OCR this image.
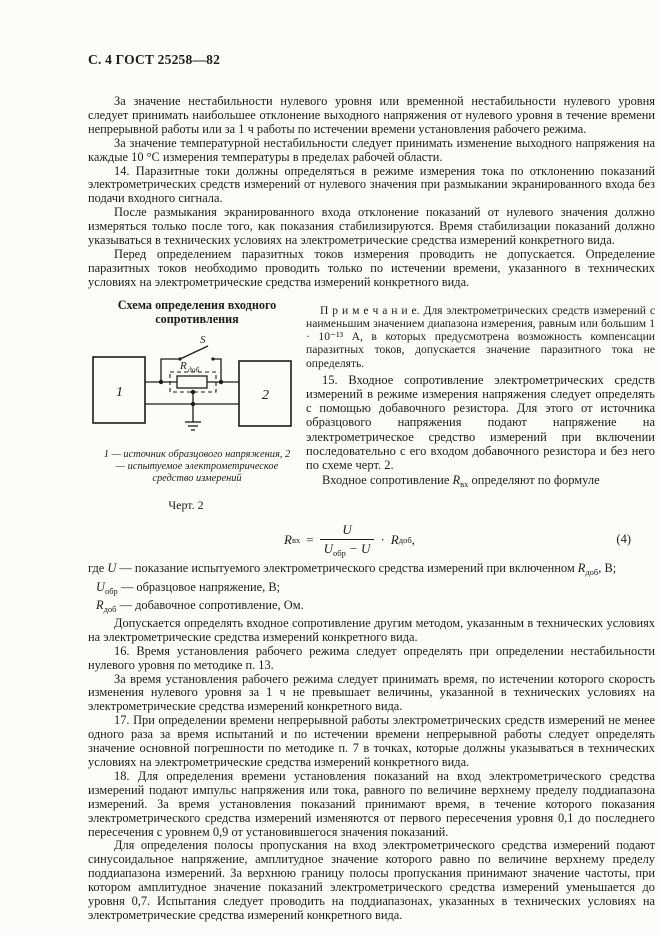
С. 4 ГОСТ 25258—82

За значение нестабильности нулевого уровня или временной нестабильности нулевого уровня следует принимать наибольшее отклонение выходного напряжения от нулевого уровня в течение времени непрерывной работы или за 1 ч работы по истечении времени установления рабочего режима.

За значение температурной нестабильности следует принимать изменение выходного напряжения на каждые 10 °С измерения температуры в пределах рабочей области.

14. Паразитные токи должны определяться в режиме измерения тока по отклонению показаний электрометрических средств измерений от нулевого значения при размыкании экранированного входа без подачи входного сигнала.

После размыкания экранированного входа отклонение показаний от нулевого значения должно измеряться только после того, как показания стабилизируются. Время стабилизации показаний должно указываться в технических условиях на электрометрические средства измерений конкретного вида.

Перед определением паразитных токов измерения проводить не допускается. Определение паразитных токов необходимо проводить только по истечении времени, указанного в технических условиях на электрометрические средства измерений конкретного вида.

Схема определения входного сопротивления
1	2
S
R доб
1 — источник образцового напряжения, 2 — испытуемое электрометрическое средство измерений
Черт. 2

П р и м е ч а н и е. Для электрометрических средств измерений с наименьшим значением диапазона измерения, равным или большим 1 · 10⁻¹³ А, в которых предусмотрена возможность компенсации паразитных токов, допускается значение паразитного тока не определять.

15. Входное сопротивление электрометрических средств измерений в режиме измерения напряжения следует определять с помощью добавочного резистора. Для этого от источника образцового напряжения подают напряжение на электрометрическое средство измерений при включении последовательно с его входом добавочного резистора и без него по схеме черт. 2.

Входное сопротивление $R_{вх}$ определяют по формуле
R вх = $\frac{U}{U_{обр} - U} \cdot R$ доб ,	(4)

где U — показание испытуемого электрометрического средства измерений при включенном $R_{доб}$, В;

$U_{обр}$ — образцовое напряжение, В;

$R_{доб}$ — добавочное сопротивление, Ом.

Допускается определять входное сопротивление другим методом, указанным в технических условиях на электрометрические средства измерений конкретного вида.

16. Время установления рабочего режима следует определять при определении нестабильности нулевого уровня по методике п. 13.

За время установления рабочего режима следует принимать время, по истечении которого скорость изменения нулевого уровня за 1 ч не превышает величины, указанной в технических условиях на электрометрические средства измерений конкретного вида.

17. При определении времени непрерывной работы электрометрических средств измерений не менее одного раза за время испытаний и по истечении времени непрерывной работы следует определять значение основной погрешности по методике п. 7 в точках, которые должны указываться в технических условиях на электрометрические средства измерений конкретного вида.

18. Для определения времени установления показаний на вход электрометрического средства измерений подают импульс напряжения или тока, равного по величине верхнему пределу поддиапазона измерений. За время установления показаний принимают время, в течение которого показания электрометрического средства измерений изменяются от первого пересечения уровня 0,1 до последнего пересечения с уровнем 0,9 от установившегося значения показаний.

Для определения полосы пропускания на вход электрометрического средства измерений подают синусоидальное напряжение, амплитудное значение которого равно по величине верхнему пределу поддиапазона измерений. За верхнюю границу полосы пропускания принимают значение частоты, при котором амплитудное значение показаний электрометрического средства измерений уменьшается до уровня 0,7. Испытания следует проводить на поддиапазонах, указанных в технических условиях на электрометрические средства измерений конкретного вида.
